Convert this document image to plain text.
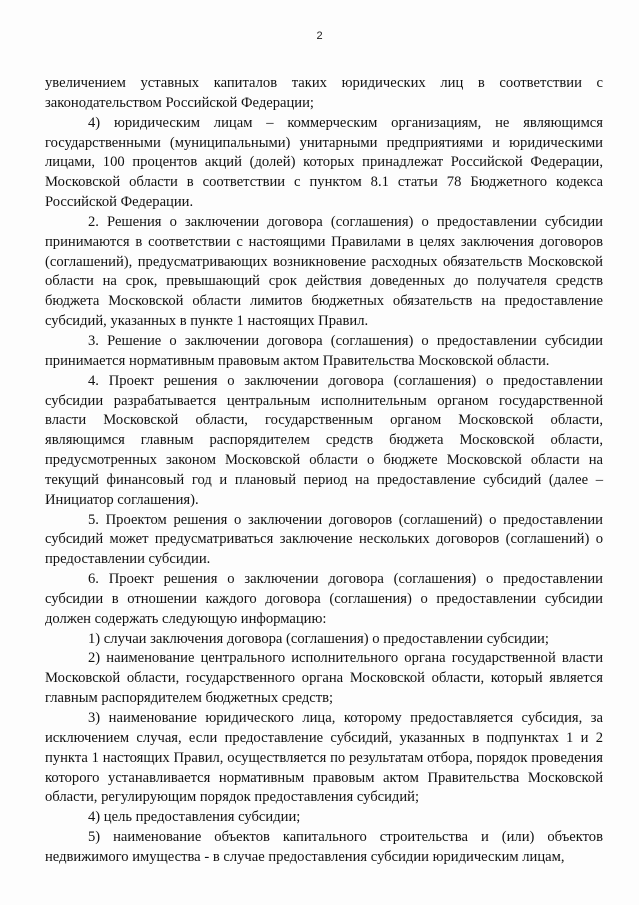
2

увеличением уставных капиталов таких юридических лиц в соответствии с законодательством Российской Федерации;

4) юридическим лицам – коммерческим организациям, не являющимся государственными (муниципальными) унитарными предприятиями и юридическими лицами, 100 процентов акций (долей) которых принадлежат Российской Федерации, Московской области в соответствии с пунктом 8.1 статьи 78 Бюджетного кодекса Российской Федерации.

2. Решения о заключении договора (соглашения) о предоставлении субсидии принимаются в соответствии с настоящими Правилами в целях заключения договоров (соглашений), предусматривающих возникновение расходных обязательств Московской области на срок, превышающий срок действия доведенных до получателя средств бюджета Московской области лимитов бюджетных обязательств на предоставление субсидий, указанных в пункте 1 настоящих Правил.

3. Решение о заключении договора (соглашения) о предоставлении субсидии принимается нормативным правовым актом Правительства Московской области.

4. Проект решения о заключении договора (соглашения) о предоставлении субсидии разрабатывается центральным исполнительным органом государственной власти Московской области, государственным органом Московской области, являющимся главным распорядителем средств бюджета Московской области, предусмотренных законом Московской области о бюджете Московской области на текущий финансовый год и плановый период на предоставление субсидий (далее – Инициатор соглашения).

5. Проектом решения о заключении договоров (соглашений) о предоставлении субсидий может предусматриваться заключение нескольких договоров (соглашений) о предоставлении субсидии.

6. Проект решения о заключении договора (соглашения) о предоставлении субсидии в отношении каждого договора (соглашения) о предоставлении субсидии должен содержать следующую информацию:

1) случаи заключения договора (соглашения) о предоставлении субсидии;

2) наименование центрального исполнительного органа государственной власти Московской области, государственного органа Московской области, который является главным распорядителем бюджетных средств;

3) наименование юридического лица, которому предоставляется субсидия, за исключением случая, если предоставление субсидий, указанных в подпунктах 1 и 2 пункта 1 настоящих Правил, осуществляется по результатам отбора, порядок проведения которого устанавливается нормативным правовым актом Правительства Московской области, регулирующим порядок предоставления субсидий;

4) цель предоставления субсидии;

5) наименование объектов капитального строительства и (или) объектов недвижимого имущества - в случае предоставления субсидии юридическим лицам,
